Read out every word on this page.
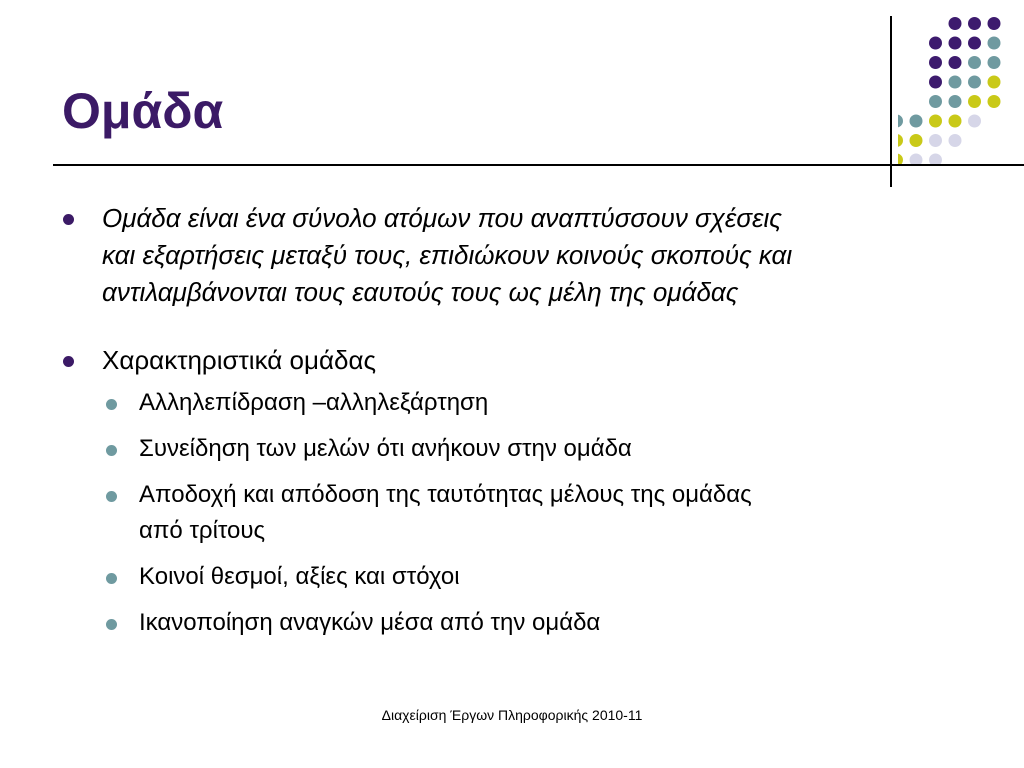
Ομάδα
Ομάδα είναι ένα σύνολο ατόμων που αναπτύσσουν σχέσεις
και εξαρτήσεις μεταξύ τους, επιδιώκουν κοινούς σκοπούς και
αντιλαμβάνονται τους εαυτούς τους ως μέλη της ομάδας
Χαρακτηριστικά ομάδας
Αλληλεπίδραση –αλληλεξάρτηση
Συνείδηση των μελών ότι ανήκουν στην ομάδα
Αποδοχή και απόδοση της ταυτότητας μέλους της ομάδας
από τρίτους
Κοινοί θεσμοί, αξίες και στόχοι
Ικανοποίηση αναγκών μέσα από την ομάδα
Διαχείριση Έργων Πληροφορικής 2010-11
